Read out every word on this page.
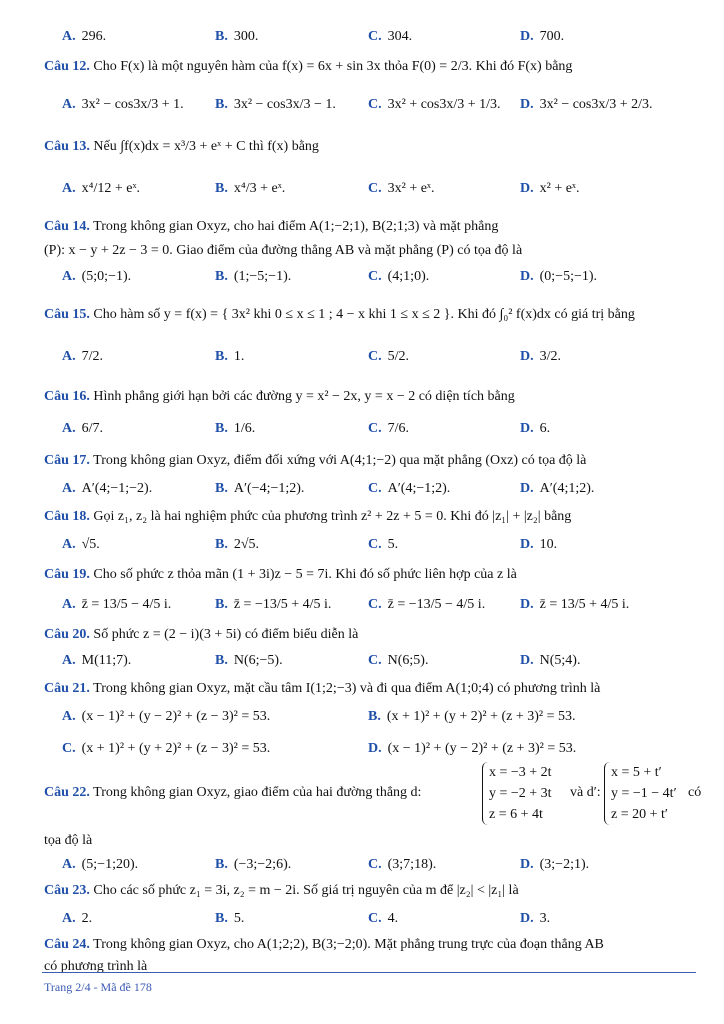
A. 296.	B. 300.	C. 304.	D. 700.
Câu 12. Cho F(x) là một nguyên hàm của f(x) = 6x + sin 3x thỏa F(0) = 2/3. Khi đó F(x) bằng
A. 3x² − cos3x/3 + 1. B. 3x² − cos3x/3 − 1. C. 3x² + cos3x/3 + 1/3. D. 3x² − cos3x/3 + 2/3.
Câu 13. Nếu ∫f(x)dx = x³/3 + eˣ + C thì f(x) bằng
A. x⁴/12 + eˣ.	B. x⁴/3 + eˣ.	C. 3x² + eˣ.	D. x² + eˣ.
Câu 14. Trong không gian Oxyz, cho hai điểm A(1;−2;1), B(2;1;3) và mặt phẳng
(P): x − y + 2z − 3 = 0. Giao điểm của đường thẳng AB và mặt phẳng (P) có tọa độ là
A. (5;0;−1).	B. (1;−5;−1).	C. (4;1;0).	D. (0;−5;−1).
Câu 15. Cho hàm số y = f(x) = { 3x² khi 0 ≤ x ≤ 1 ; 4 − x khi 1 ≤ x ≤ 2 }. Khi đó ∫₀² f(x)dx có giá trị bằng
A. 7/2.	B. 1.	C. 5/2.	D. 3/2.
Câu 16. Hình phẳng giới hạn bởi các đường y = x² − 2x, y = x − 2 có diện tích bằng
A. 6/7.	B. 1/6.	C. 7/6.	D. 6.
Câu 17. Trong không gian Oxyz, điểm đối xứng với A(4;1;−2) qua mặt phẳng (Oxz) có tọa độ là
A. A′(4;−1;−2).	B. A′(−4;−1;2).	C. A′(4;−1;2).	D. A′(4;1;2).
Câu 18. Gọi z₁, z₂ là hai nghiệm phức của phương trình z² + 2z + 5 = 0. Khi đó |z₁| + |z₂| bằng
A. √5.	B. 2√5.	C. 5.	D. 10.
Câu 19. Cho số phức z thỏa mãn (1 + 3i)z − 5 = 7i. Khi đó số phức liên hợp của z là
A. z̄ = 13/5 − 4/5 i.	B. z̄ = −13/5 + 4/5 i.	C. z̄ = −13/5 − 4/5 i. D. z̄ = 13/5 + 4/5 i.
Câu 20. Số phức z = (2 − i)(3 + 5i) có điểm biểu diễn là
A. M(11;7).	B. N(6;−5).	C. N(6;5).	D. N(5;4).
Câu 21. Trong không gian Oxyz, mặt cầu tâm I(1;2;−3) và đi qua điểm A(1;0;4) có phương trình là
A. (x − 1)² + (y − 2)² + (z − 3)² = 53.	B. (x + 1)² + (y + 2)² + (z + 3)² = 53.
C. (x + 1)² + (y + 2)² + (z − 3)² = 53.	D. (x − 1)² + (y − 2)² + (z + 3)² = 53.
Câu 22. Trong không gian Oxyz, giao điểm của hai đường thẳng d:
x = −3 + 2t
y = −2 + 3t
z = 6 + 4t
và d′:
x = 5 + t′
y = −1 − 4t′
z = 20 + t′
có
tọa độ là
A. (5;−1;20).	B. (−3;−2;6).	C. (3;7;18).	D. (3;−2;1).
Câu 23. Cho các số phức z₁ = 3i, z₂ = m − 2i. Số giá trị nguyên của m để |z₂| < |z₁| là
A. 2.	B. 5.	C. 4.	D. 3.
Câu 24. Trong không gian Oxyz, cho A(1;2;2), B(3;−2;0). Mặt phẳng trung trực của đoạn thẳng AB
có phương trình là
Trang 2/4 - Mã đề 178
